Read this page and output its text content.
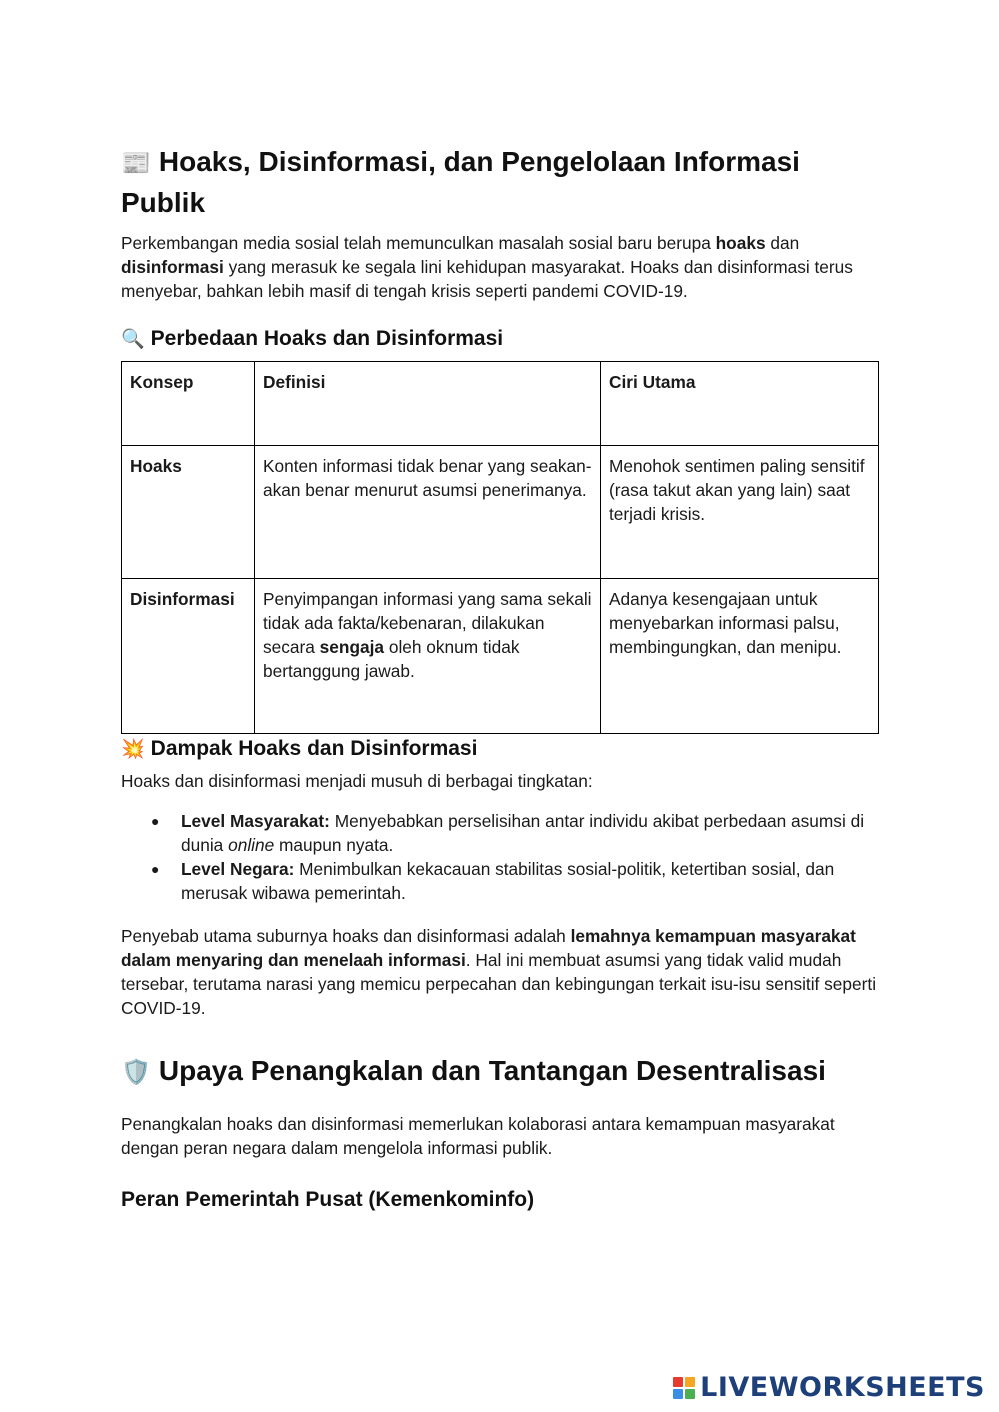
📰 Hoaks, Disinformasi, dan Pengelolaan Informasi Publik

Perkembangan media sosial telah memunculkan masalah sosial baru berupa hoaks dan disinformasi yang merasuk ke segala lini kehidupan masyarakat. Hoaks dan disinformasi terus menyebar, bahkan lebih masif di tengah krisis seperti pandemi COVID-19.

🔍 Perbedaan Hoaks dan Disinformasi
Konsep	Definisi	Ciri Utama
Hoaks	Konten informasi tidak benar yang seakan-akan benar menurut asumsi penerimanya.	Menohok sentimen paling sensitif (rasa takut akan yang lain) saat terjadi krisis.
Disinformasi	Penyimpangan informasi yang sama sekali tidak ada fakta/kebenaran, dilakukan secara sengaja oleh oknum tidak bertanggung jawab.	Adanya kesengajaan untuk menyebarkan informasi palsu, membingungkan, dan menipu.
💥 Dampak Hoaks dan Disinformasi

Hoaks dan disinformasi menjadi musuh di berbagai tingkatan:

● Level Masyarakat: Menyebabkan perselisihan antar individu akibat perbedaan asumsi di dunia online maupun nyata.
● Level Negara: Menimbulkan kekacauan stabilitas sosial-politik, ketertiban sosial, dan merusak wibawa pemerintah.

Penyebab utama suburnya hoaks dan disinformasi adalah lemahnya kemampuan masyarakat dalam menyaring dan menelaah informasi. Hal ini membuat asumsi yang tidak valid mudah tersebar, terutama narasi yang memicu perpecahan dan kebingungan terkait isu-isu sensitif seperti COVID-19.

🛡️ Upaya Penangkalan dan Tantangan Desentralisasi

Penangkalan hoaks dan disinformasi memerlukan kolaborasi antara kemampuan masyarakat dengan peran negara dalam mengelola informasi publik.

Peran Pemerintah Pusat (Kemenkominfo)
LIVEWORKSHEETS
